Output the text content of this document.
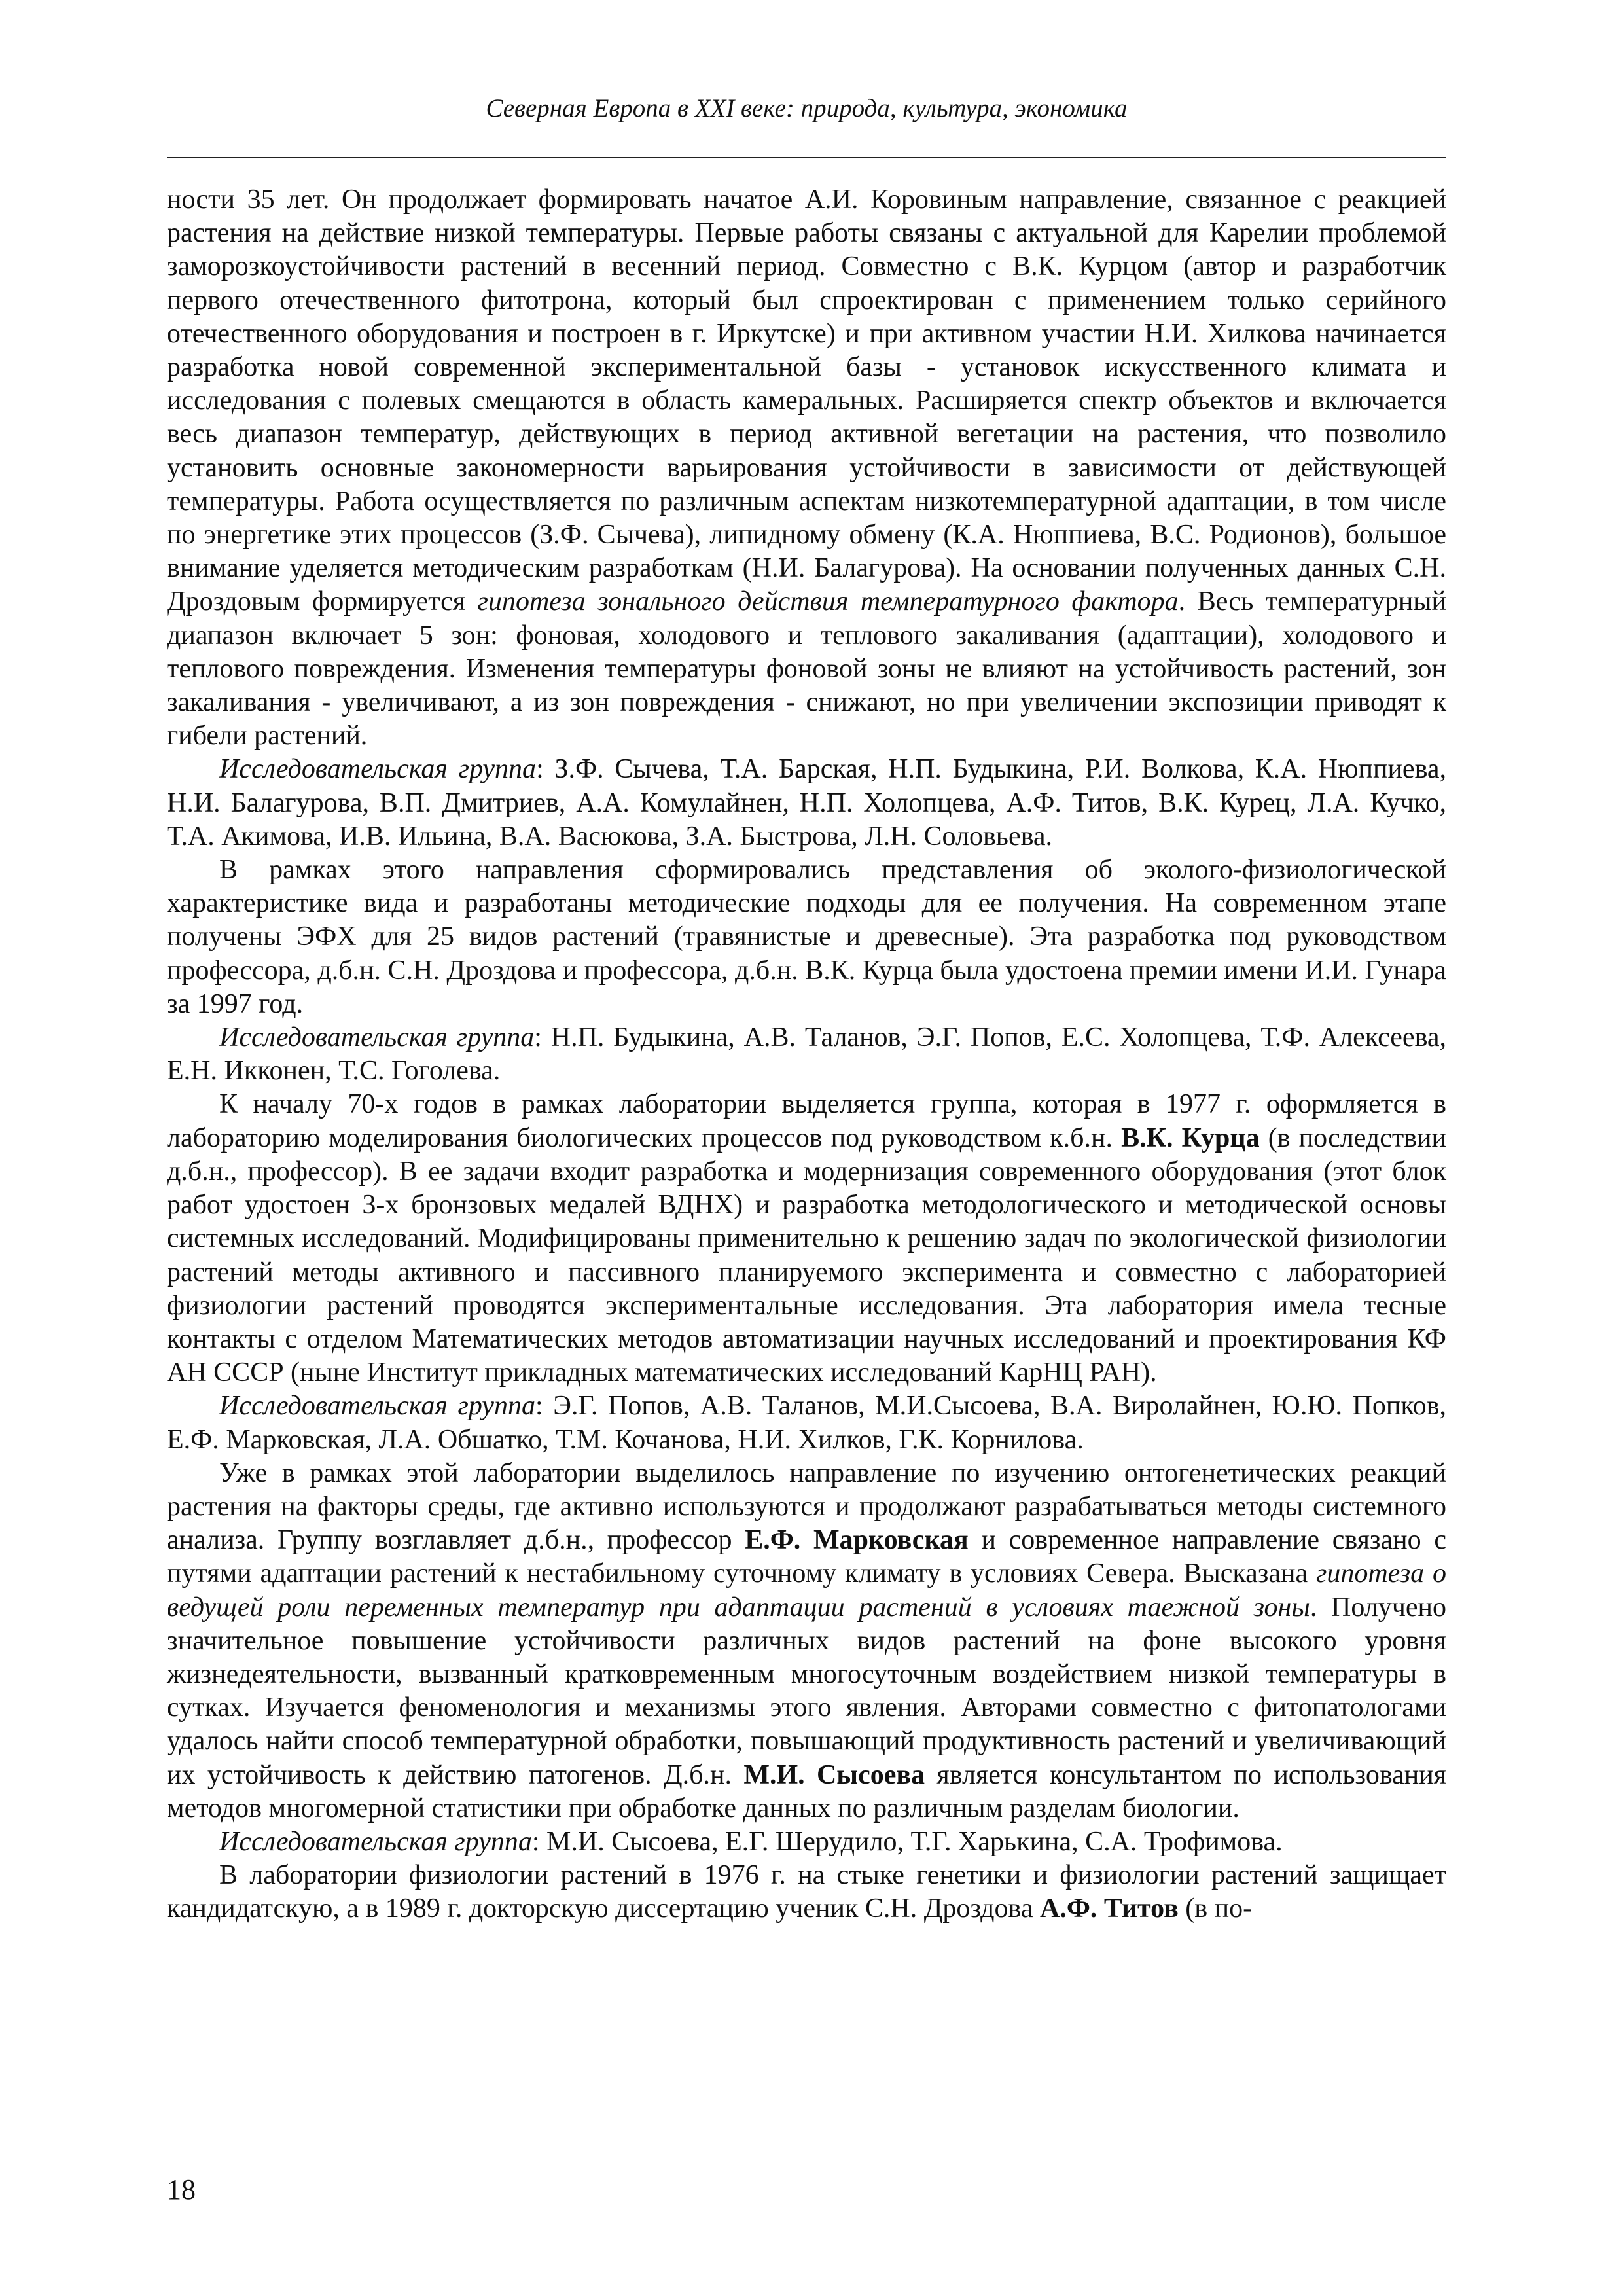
Северная Европа в XXI веке: природа, культура, экономика

ности 35 лет. Он продолжает формировать начатое А.И. Коровиным направление, связанное с реакцией растения на действие низкой температуры. Первые работы связаны с актуальной для Карелии проблемой заморозкоустойчивости растений в весенний период. Совместно с В.К. Курцом (автор и разработчик первого отечественного фитотрона, который был спроектирован с применением только серийного отечественного оборудования и построен в г. Иркутске) и при активном участии Н.И. Хилкова начинается разработка новой современной экспериментальной базы - установок искусственного климата и исследования с полевых смещаются в область камеральных. Расширяется спектр объектов и включается весь диапазон температур, действующих в период активной вегетации на растения, что позволило установить основные закономерности варьирования устойчивости в зависимости от действующей температуры. Работа осуществляется по различным аспектам низкотемпературной адаптации, в том числе по энергетике этих процессов (З.Ф. Сычева), липидному обмену (К.А. Нюппиева, В.С. Родионов), большое внимание уделяется методическим разработкам (Н.И. Балагурова). На основании полученных данных С.Н. Дроздовым формируется гипотеза зонального действия температурного фактора. Весь температурный диапазон включает 5 зон: фоновая, холодового и теплового закаливания (адаптации), холодового и теплового повреждения. Изменения температуры фоновой зоны не влияют на устойчивость растений, зон закаливания - увеличивают, а из зон повреждения - снижают, но при увеличении экспозиции приводят к гибели растений.

Исследовательская группа: З.Ф. Сычева, Т.А. Барская, Н.П. Будыкина, Р.И. Волкова, К.А. Нюппиева, Н.И. Балагурова, В.П. Дмитриев, А.А. Комулайнен, Н.П. Холопцева, А.Ф. Титов, В.К. Курец, Л.А. Кучко, Т.А. Акимова, И.В. Ильина, В.А. Васюкова, З.А. Быстрова, Л.Н. Соловьева.

В рамках этого направления сформировались представления об эколого-физиологической характеристике вида и разработаны методические подходы для ее получения. На современном этапе получены ЭФХ для 25 видов растений (травянистые и древесные). Эта разработка под руководством профессора, д.б.н. С.Н. Дроздова и профессора, д.б.н. В.К. Курца была удостоена премии имени И.И. Гунара за 1997 год.

Исследовательская группа: Н.П. Будыкина, А.В. Таланов, Э.Г. Попов, Е.С. Холопцева, Т.Ф. Алексеева, Е.Н. Икконен, Т.С. Гоголева.

К началу 70-х годов в рамках лаборатории выделяется группа, которая в 1977 г. оформляется в лабораторию моделирования биологических процессов под руководством к.б.н. В.К. Курца (в последствии д.б.н., профессор). В ее задачи входит разработка и модернизация современного оборудования (этот блок работ удостоен 3-х бронзовых медалей ВДНХ) и разработка методологического и методической основы системных исследований. Модифицированы применительно к решению задач по экологической физиологии растений методы активного и пассивного планируемого эксперимента и совместно с лабораторией физиологии растений проводятся экспериментальные исследования. Эта лаборатория имела тесные контакты с отделом Математических методов автоматизации научных исследований и проектирования КФ АН СССР (ныне Институт прикладных математических исследований КарНЦ РАН).

Исследовательская группа: Э.Г. Попов, А.В. Таланов, М.И.Сысоева, В.А. Виролайнен, Ю.Ю. Попков, Е.Ф. Марковская, Л.А. Обшатко, Т.М. Кочанова, Н.И. Хилков, Г.К. Корнилова.

Уже в рамках этой лаборатории выделилось направление по изучению онтогенетических реакций растения на факторы среды, где активно используются и продолжают разрабатываться методы системного анализа. Группу возглавляет д.б.н., профессор Е.Ф. Марковская и современное направление связано с путями адаптации растений к нестабильному суточному климату в условиях Севера. Высказана гипотеза о ведущей роли переменных температур при адаптации растений в условиях таежной зоны. Получено значительное повышение устойчивости различных видов растений на фоне высокого уровня жизнедеятельности, вызванный кратковременным многосуточным воздействием низкой температуры в сутках. Изучается феноменология и механизмы этого явления. Авторами совместно с фитопатологами удалось найти способ температурной обработки, повышающий продуктивность растений и увеличивающий их устойчивость к действию патогенов. Д.б.н. М.И. Сысоева является консультантом по использования методов многомерной статистики при обработке данных по различным разделам биологии.

Исследовательская группа: М.И. Сысоева, Е.Г. Шерудило, Т.Г. Харькина, С.А. Трофимова.

В лаборатории физиологии растений в 1976 г. на стыке генетики и физиологии растений защищает кандидатскую, а в 1989 г. докторскую диссертацию ученик С.Н. Дроздова А.Ф. Титов (в по-

18
